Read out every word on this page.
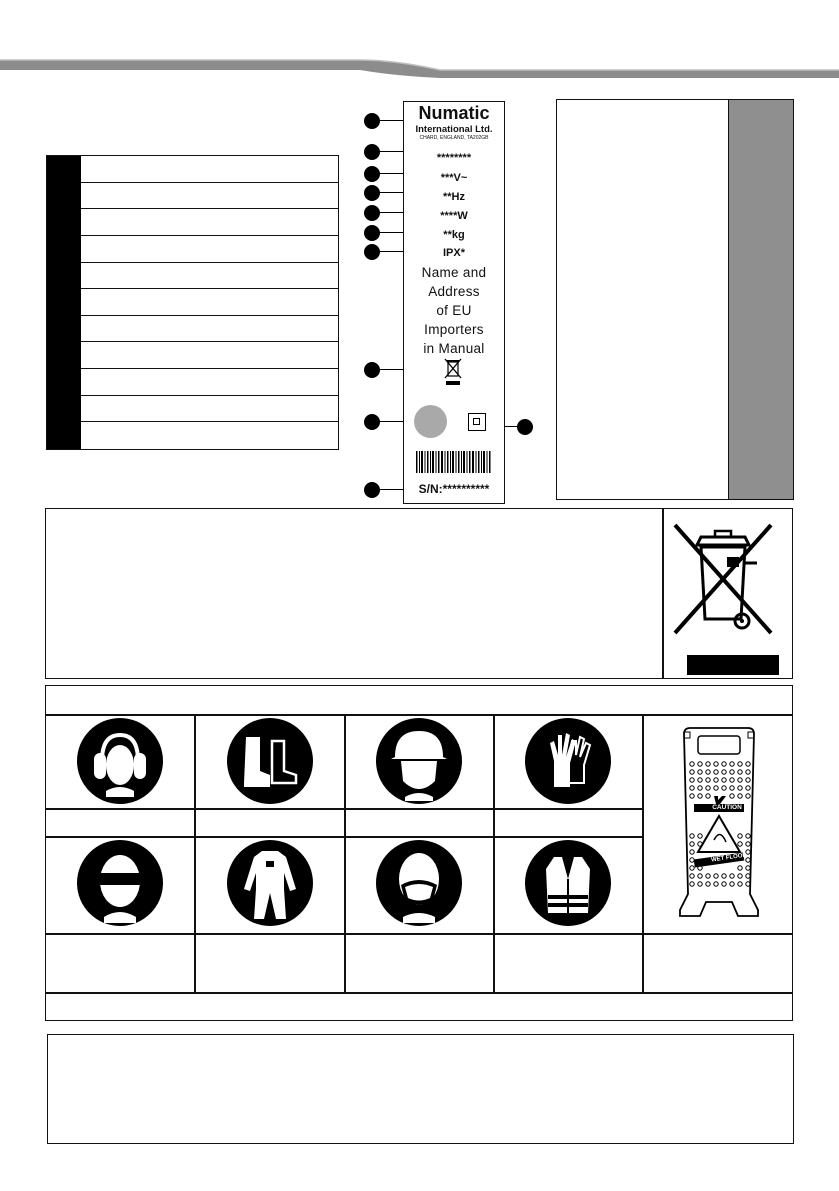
Numatic
International Ltd.
CHARD, ENGLAND, TA202GB
********
***V~
**Hz
****W
**kg
IPX*
Name and
Address
of EU
Importers
in Manual
S/N:**********
CAUTION
WET FLOOR
